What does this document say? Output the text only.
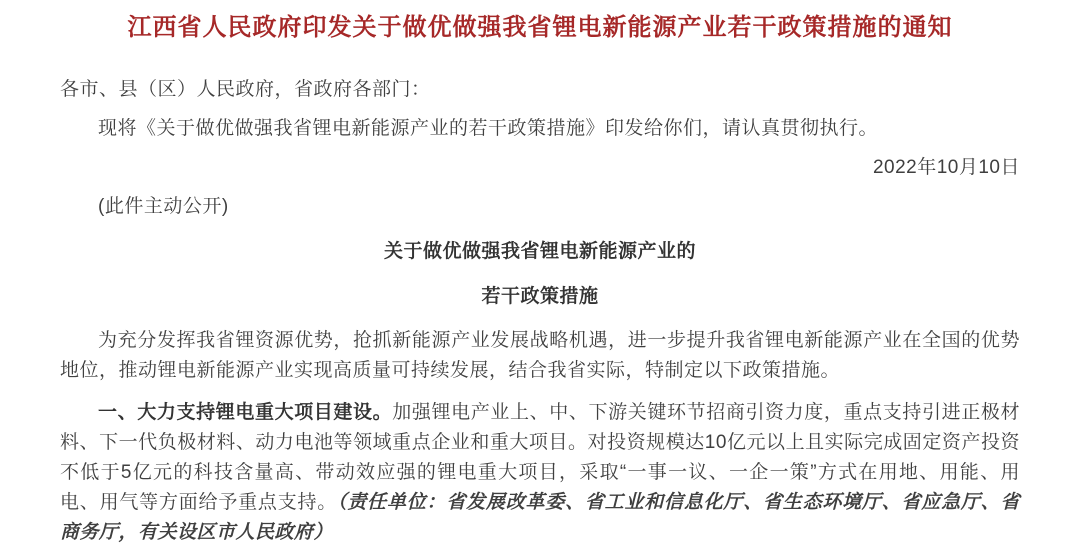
江西省人民政府印发关于做优做强我省锂电新能源产业若干政策措施的通知

各市、县（区）人民政府，省政府各部门：

现将《关于做优做强我省锂电新能源产业的若干政策措施》印发给你们，请认真贯彻执行。

2022年10月10日

(此件主动公开)

关于做优做强我省锂电新能源产业的
若干政策措施

为充分发挥我省锂资源优势，抢抓新能源产业发展战略机遇，进一步提升我省锂电新能源产业在全国的优势地位，推动锂电新能源产业实现高质量可持续发展，结合我省实际，特制定以下政策措施。

一、大力支持锂电重大项目建设。加强锂电产业上、中、下游关键环节招商引资力度，重点支持引进正极材料、下一代负极材料、动力电池等领域重点企业和重大项目。对投资规模达10亿元以上且实际完成固定资产投资不低于5亿元的科技含量高、带动效应强的锂电重大项目，采取“一事一议、一企一策”方式在用地、用能、用电、用气等方面给予重点支持。（责任单位：省发展改革委、省工业和信息化厅、省生态环境厅、省应急厅、省商务厅，有关设区市人民政府）
